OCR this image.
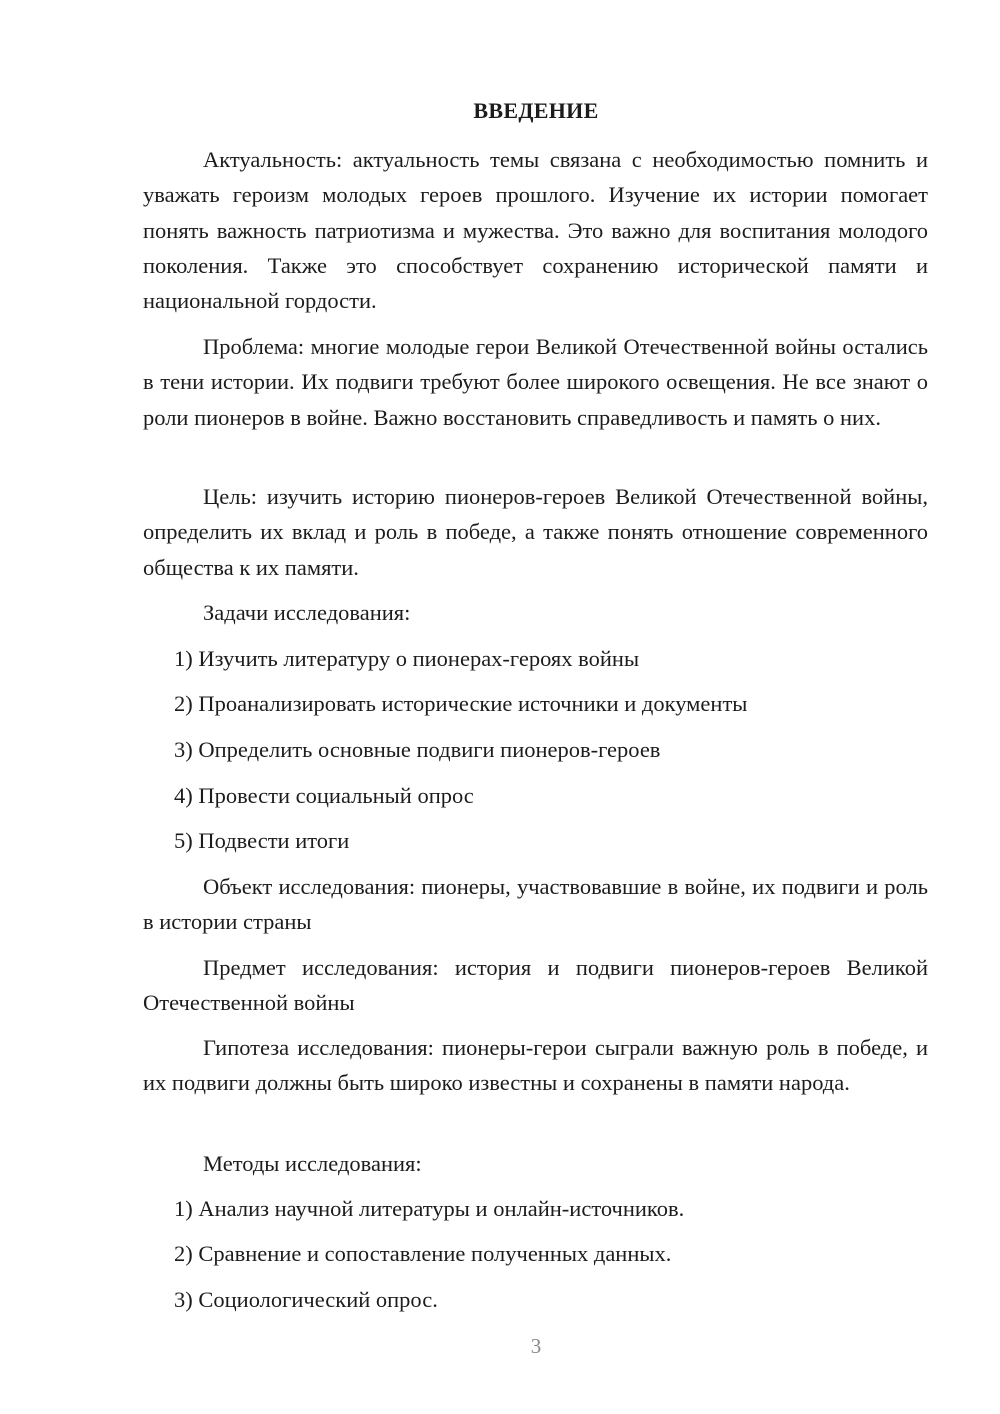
ВВЕДЕНИЕ

Актуальность: актуальность темы связана с необходимостью помнить и уважать героизм молодых героев прошлого. Изучение их истории помогает понять важность патриотизма и мужества. Это важно для воспитания молодого поколения. Также это способствует сохранению исторической памяти и национальной гордости.

Проблема: многие молодые герои Великой Отечественной войны остались в тени истории. Их подвиги требуют более широкого освещения. Не все знают о роли пионеров в войне. Важно восстановить справедливость и память о них.

Цель: изучить историю пионеров-героев Великой Отечественной войны, определить их вклад и роль в победе, а также понять отношение современного общества к их памяти.

Задачи исследования:

1) Изучить литературу о пионерах-героях войны

2) Проанализировать исторические источники и документы

3) Определить основные подвиги пионеров-героев

4) Провести социальный опрос

5) Подвести итоги

Объект исследования: пионеры, участвовавшие в войне, их подвиги и роль в истории страны

Предмет исследования: история и подвиги пионеров-героев Великой Отечественной войны

Гипотеза исследования: пионеры-герои сыграли важную роль в победе, и их подвиги должны быть широко известны и сохранены в памяти народа.

Методы исследования:

1) Анализ научной литературы и онлайн-источников.

2) Сравнение и сопоставление полученных данных.

3) Социологический опрос.

3
